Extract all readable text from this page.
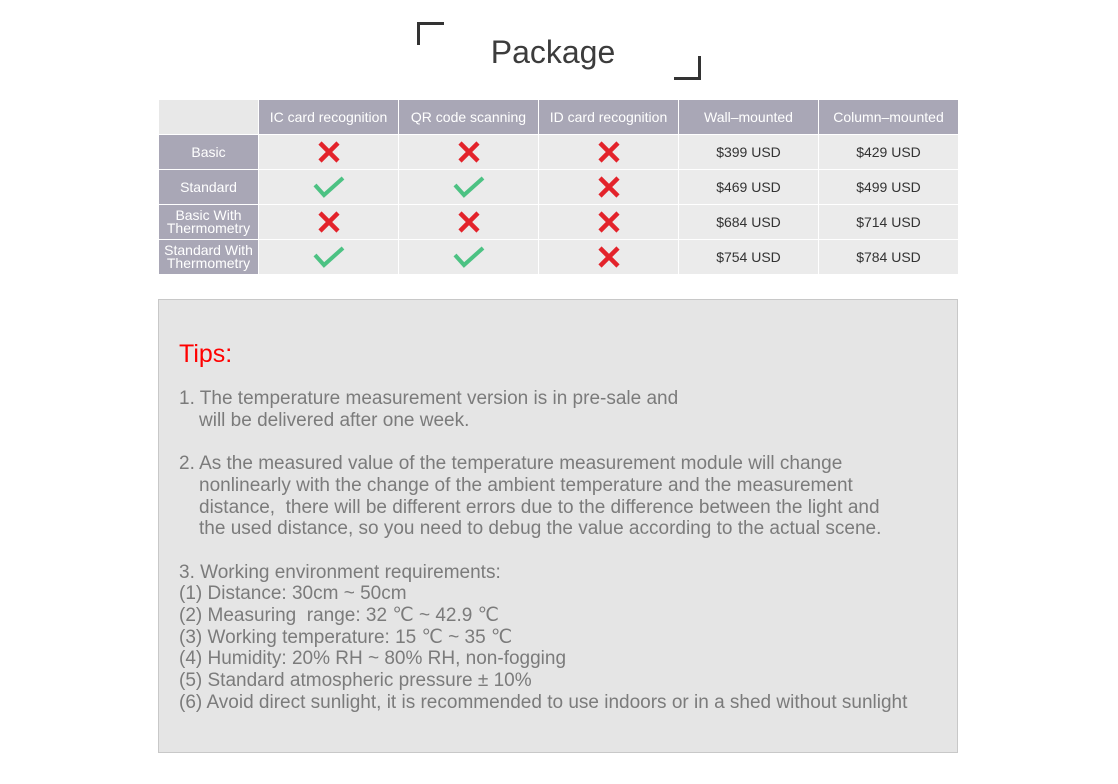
Package
	IC card recognition	QR code scanning	ID card recognition	Wall–mounted	Column–mounted
Basic				$399 USD	$429 USD
Standard				$469 USD	$499 USD
Basic With Thermometry				$684 USD	$714 USD
Standard With Thermometry				$754 USD	$784 USD
Tips:
1. The temperature measurement version is in pre-sale and
will be delivered after one week.
2. As the measured value of the temperature measurement module will change
nonlinearly with the change of the ambient temperature and the measurement
distance,  there will be different errors due to the difference between the light and
the used distance, so you need to debug the value according to the actual scene.
3. Working environment requirements:
(1) Distance: 30cm ~ 50cm
(2) Measuring  range: 32 ℃ ~ 42.9 ℃
(3) Working temperature: 15 ℃ ~ 35 ℃
(4) Humidity: 20% RH ~ 80% RH, non-fogging
(5) Standard atmospheric pressure ± 10%
(6) Avoid direct sunlight, it is recommended to use indoors or in a shed without sunlight
